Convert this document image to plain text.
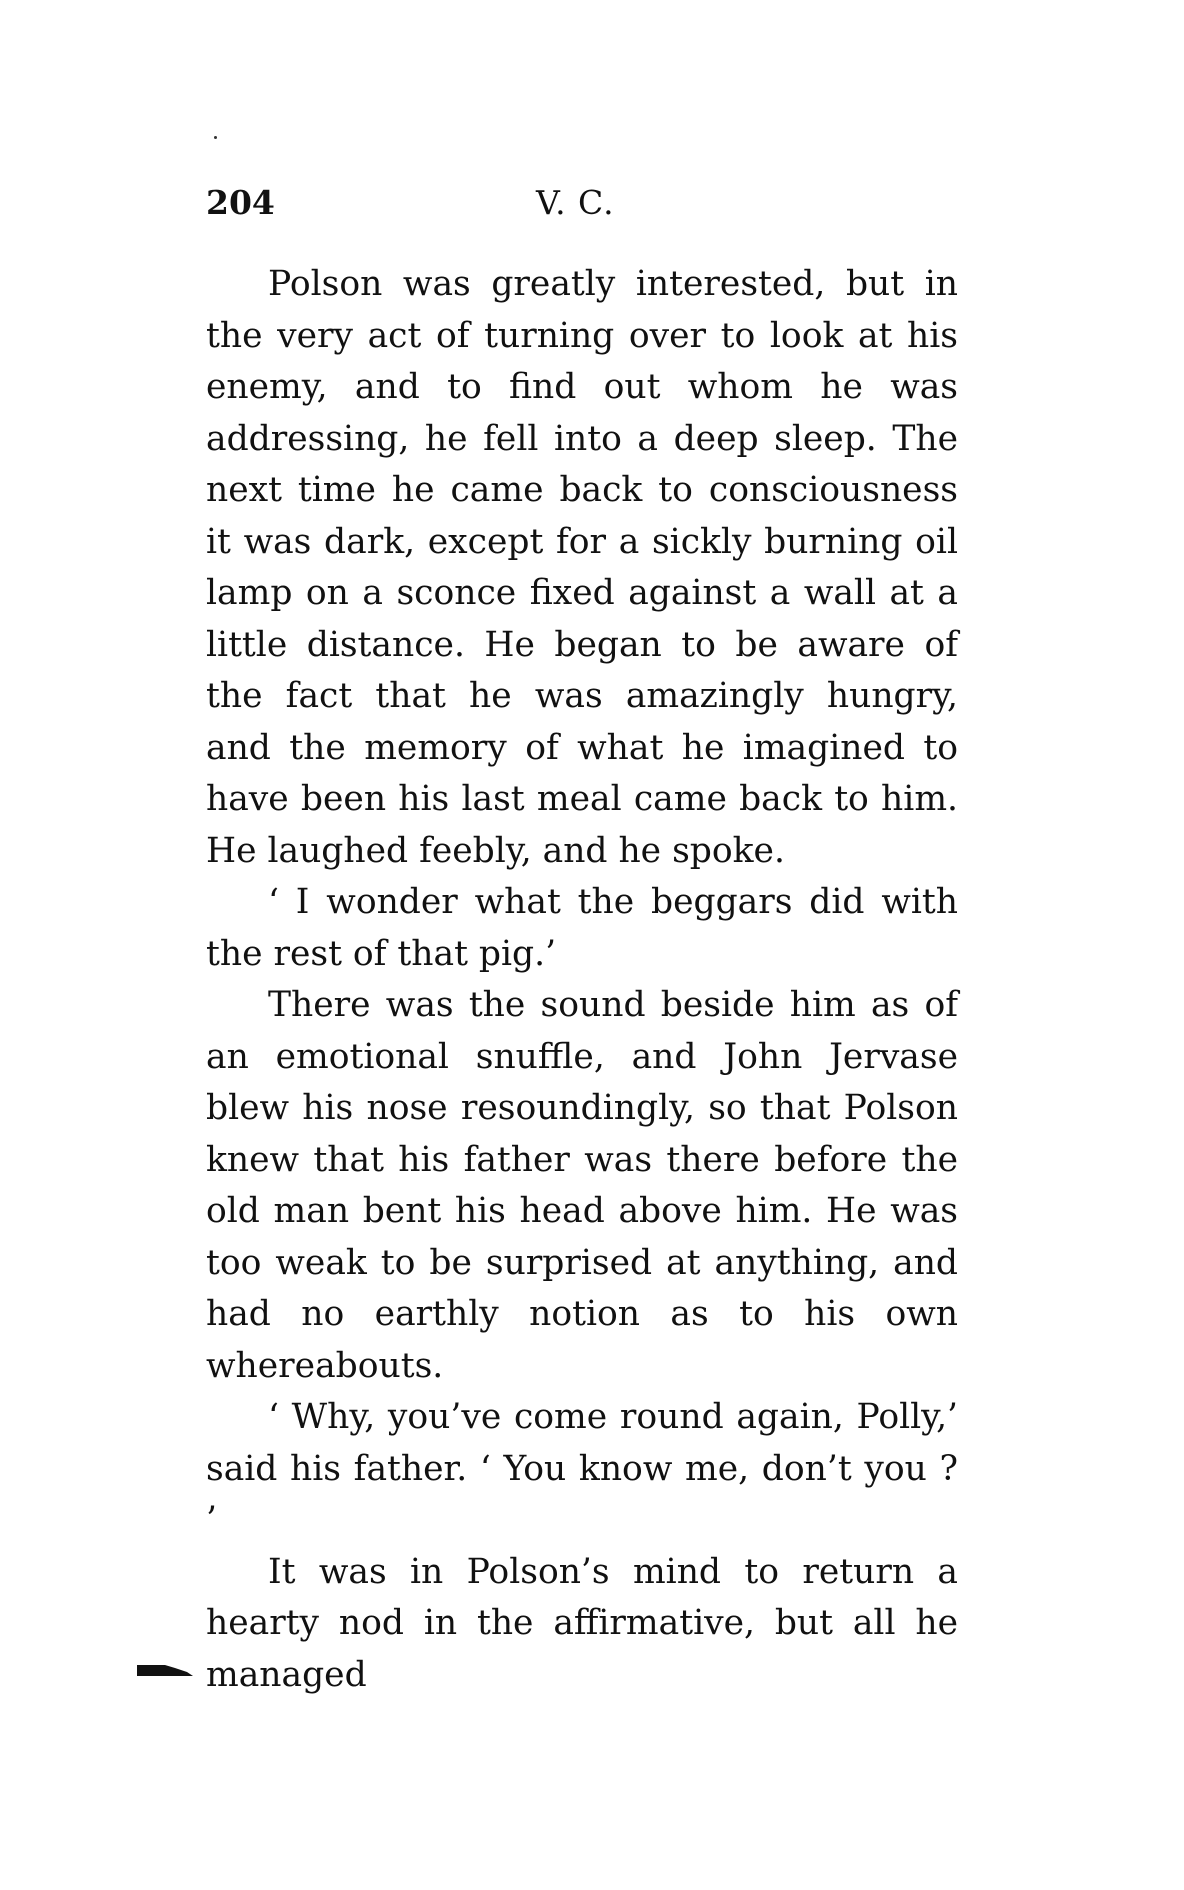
204	V. C.

Polson was greatly interested, but in the very act of turning over to look at his enemy, and to find out whom he was addressing, he fell into a deep sleep. The next time he came back to consciousness it was dark, except for a sickly burning oil lamp on a sconce fixed against a wall at a little distance. He began to be aware of the fact that he was amazingly hungry, and the memory of what he imagined to have been his last meal came back to him. He laughed feebly, and he spoke.

‘ I wonder what the beggars did with the rest of that pig.’

There was the sound beside him as of an emotional snuffle, and John Jervase blew his nose resoundingly, so that Polson knew that his father was there before the old man bent his head above him. He was too weak to be surprised at anything, and had no earthly notion as to his own whereabouts.

‘ Why, you’ve come round again, Polly,’ said his father. ‘ You know me, don’t you ? ’

It was in Polson’s mind to return a hearty nod in the affirmative, but all he managed
